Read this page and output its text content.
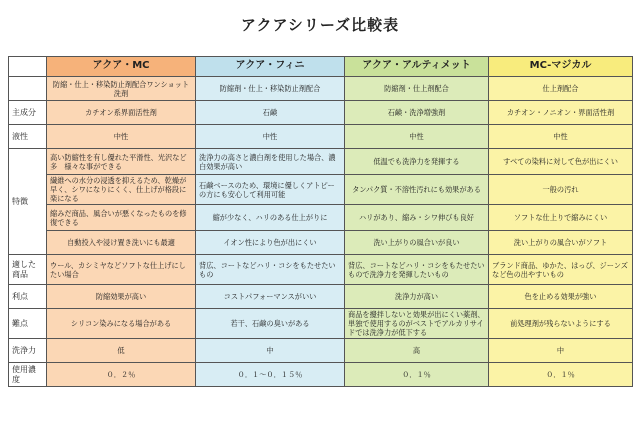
アクアシリーズ比較表
	アクア・MC	アクア・フィニ	アクア・アルティメット	MC-マジカル
	防縮・仕上・移染防止剤配合ワンショット洗剤	防縮剤・仕上・移染防止剤配合	防縮剤・仕上剤配合	仕上剤配合
主成分	カチオン系界面活性剤	石鹸	石鹸・洗浄増強剤	カチオン・ノニオン・界面活性剤
液性	中性	中性	中性	中性
特徴	高い防縮性を有し優れた平滑性、光沢など多　様々な事ができる	洗浄力の高さと濃白剤を使用した場合、濃白効果が高い	低温でも洗浄力を発揮する	すべての染料に対して色が出にくい
	繊維への水分の浸透を抑えるため、乾燥が早く、シワになりにくく、仕上げが格段に楽になる	石鹸ベースのため、環境に優しくアトピーの方にも安心して利用可能	タンパク質・不溶性汚れにも効果がある	一般の汚れ
	縮みだ商品、風合いが悪くなったものを修復できる	縮が少なく、ハリのある仕上がりに	ハリがあり、縮み・シワ伸びも良好	ソフトな仕上りで縮みにくい
	自動投入や浸け置き洗いにも最適	イオン性により色が出にくい	洗い上がりの風合いが良い	洗い上がりの風合いがソフト
適した商品	ウール、カシミヤなどソフトな仕上げにしたい場合	背広、コートなどハリ・コシをもたせたいもの	背広、コートなどハリ・コシをもたせたいもので洗浄力を発揮したいもの	ブランド商品、ゆかた、はっぴ、ジーンズなど色の出やすいもの
利点	防縮効果が高い	コストパフォーマンスがいい	洗浄力が高い	色を止める効果が強い
難点	シリコン染みになる場合がある	若干、石鹸の臭いがある	商品を攪拌しないと効果が出にくい薬剤、単独で使用するのがベストでアルカリサイドでは洗浄力が低下する	前処理剤が残らないようにする
洗浄力	低	中	高	中
使用濃度	０．２％	０．１〜０．１５％	０．１％	０．１％
